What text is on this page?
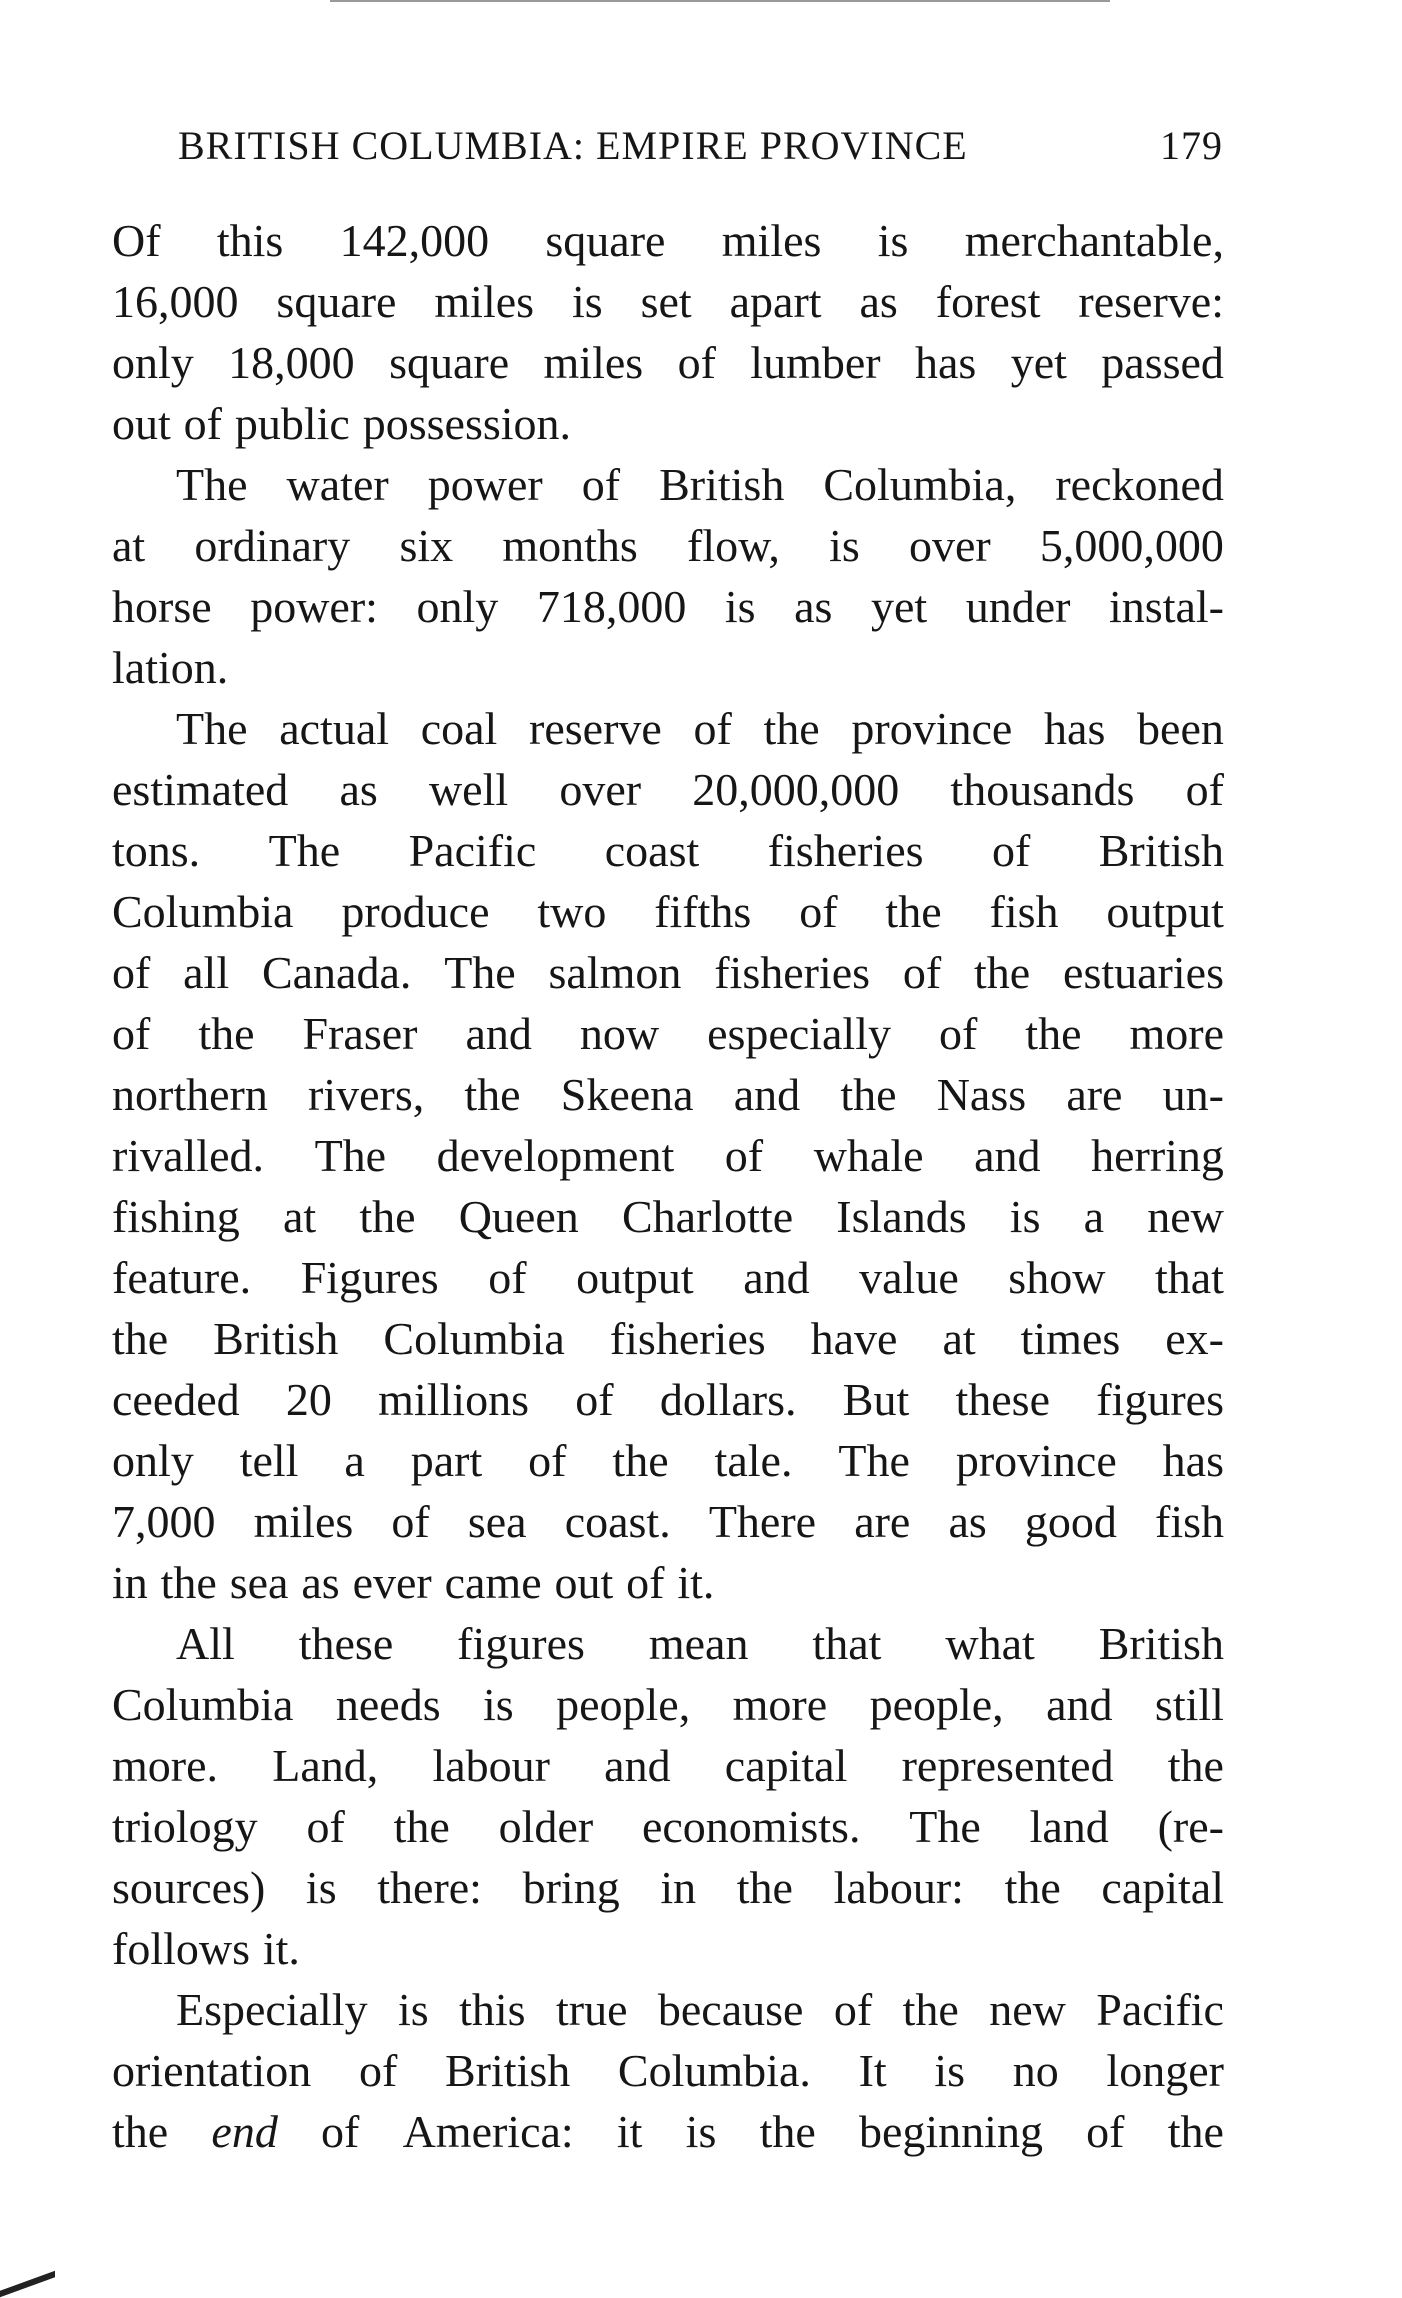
BRITISH COLUMBIA: EMPIRE PROVINCE	179
Of this 142,000 square miles is merchantable,
16,000 square miles is set apart as forest reserve:
only 18,000 square miles of lumber has yet passed
out of public possession.
The water power of British Columbia, reckoned
at ordinary six months flow, is over 5,000,000
horse power: only 718,000 is as yet under instal-
lation.
The actual coal reserve of the province has been
estimated as well over 20,000,000 thousands of
tons. The Pacific coast fisheries of British
Columbia produce two fifths of the fish output
of all Canada. The salmon fisheries of the estuaries
of the Fraser and now especially of the more
northern rivers, the Skeena and the Nass are un-
rivalled. The development of whale and herring
fishing at the Queen Charlotte Islands is a new
feature. Figures of output and value show that
the British Columbia fisheries have at times ex-
ceeded 20 millions of dollars. But these figures
only tell a part of the tale. The province has
7,000 miles of sea coast. There are as good fish
in the sea as ever came out of it.
All these figures mean that what British
Columbia needs is people, more people, and still
more. Land, labour and capital represented the
triology of the older economists. The land (re-
sources) is there: bring in the labour: the capital
follows it.
Especially is this true because of the new Pacific
orientation of British Columbia. It is no longer
the end of America: it is the beginning of the
